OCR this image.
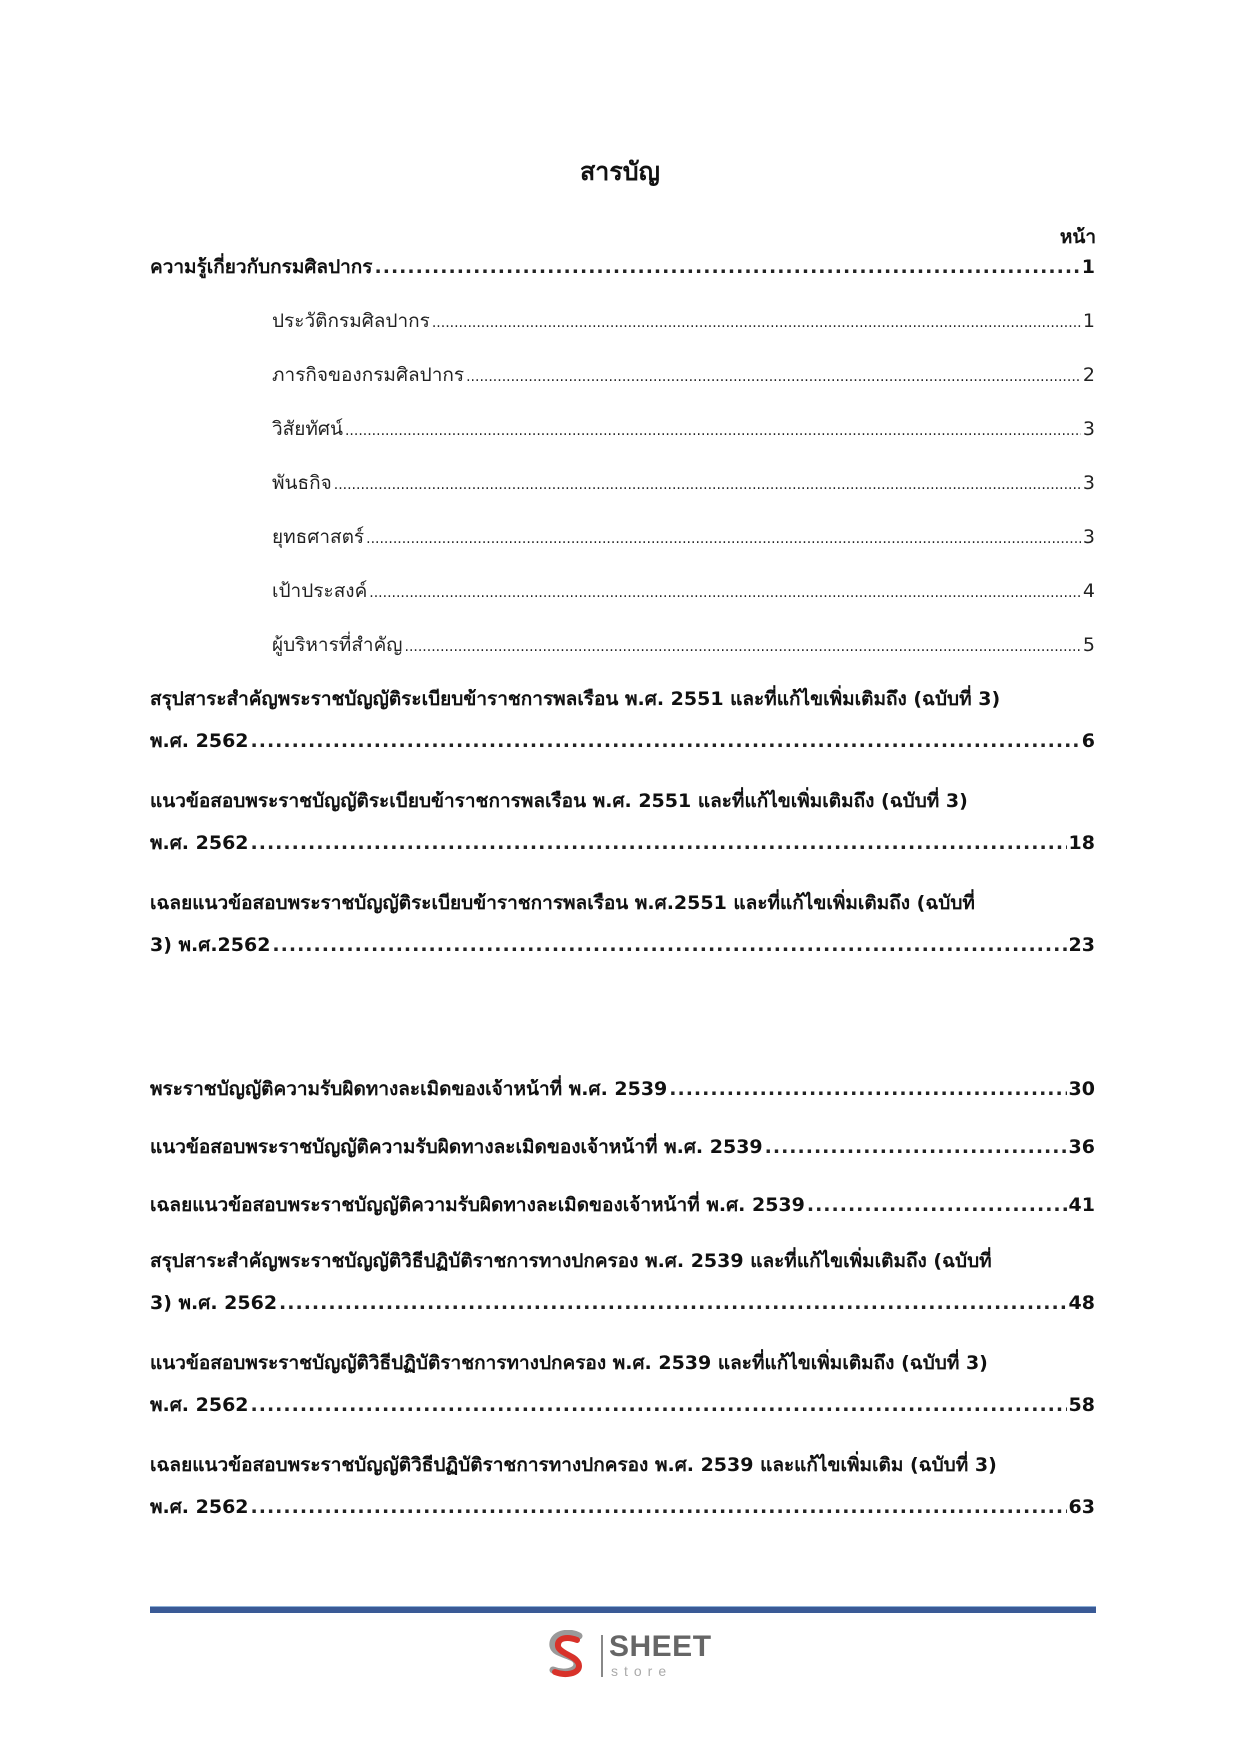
สารบัญ
หน้า
ความรู้เกี่ยวกับกรมศิลปากร .....	1
ประวัติกรมศิลปากร .....	1
ภารกิจของกรมศิลปากร .....	2
วิสัยทัศน์ .....	3
พันธกิจ .....	3
ยุทธศาสตร์ .....	3
เป้าประสงค์ .....	4
ผู้บริหารที่สำคัญ .....	5
สรุปสาระสำคัญพระราชบัญญัติระเบียบข้าราชการพลเรือน พ.ศ. 2551 และที่แก้ไขเพิ่มเติมถึง (ฉบับที่ 3)
พ.ศ. 2562 .....	6
แนวข้อสอบพระราชบัญญัติระเบียบข้าราชการพลเรือน พ.ศ. 2551 และที่แก้ไขเพิ่มเติมถึง (ฉบับที่ 3)
พ.ศ. 2562 .....	18
เฉลยแนวข้อสอบพระราชบัญญัติระเบียบข้าราชการพลเรือน พ.ศ.2551 และที่แก้ไขเพิ่มเติมถึง (ฉบับที่
3) พ.ศ.2562 .....	23
พระราชบัญญัติความรับผิดทางละเมิดของเจ้าหน้าที่ พ.ศ. 2539 .....	30
แนวข้อสอบพระราชบัญญัติความรับผิดทางละเมิดของเจ้าหน้าที่ พ.ศ. 2539 .....	36
เฉลยแนวข้อสอบพระราชบัญญัติความรับผิดทางละเมิดของเจ้าหน้าที่ พ.ศ. 2539 .....	41
สรุปสาระสำคัญพระราชบัญญัติวิธีปฏิบัติราชการทางปกครอง พ.ศ. 2539 และที่แก้ไขเพิ่มเติมถึง (ฉบับที่
3) พ.ศ. 2562 .....	48
แนวข้อสอบพระราชบัญญัติวิธีปฏิบัติราชการทางปกครอง พ.ศ. 2539 และที่แก้ไขเพิ่มเติมถึง (ฉบับที่ 3)
พ.ศ. 2562 .....	58
เฉลยแนวข้อสอบพระราชบัญญัติวิธีปฏิบัติราชการทางปกครอง พ.ศ. 2539 และแก้ไขเพิ่มเติม (ฉบับที่ 3)
พ.ศ. 2562 .....	63
SHEET
store
